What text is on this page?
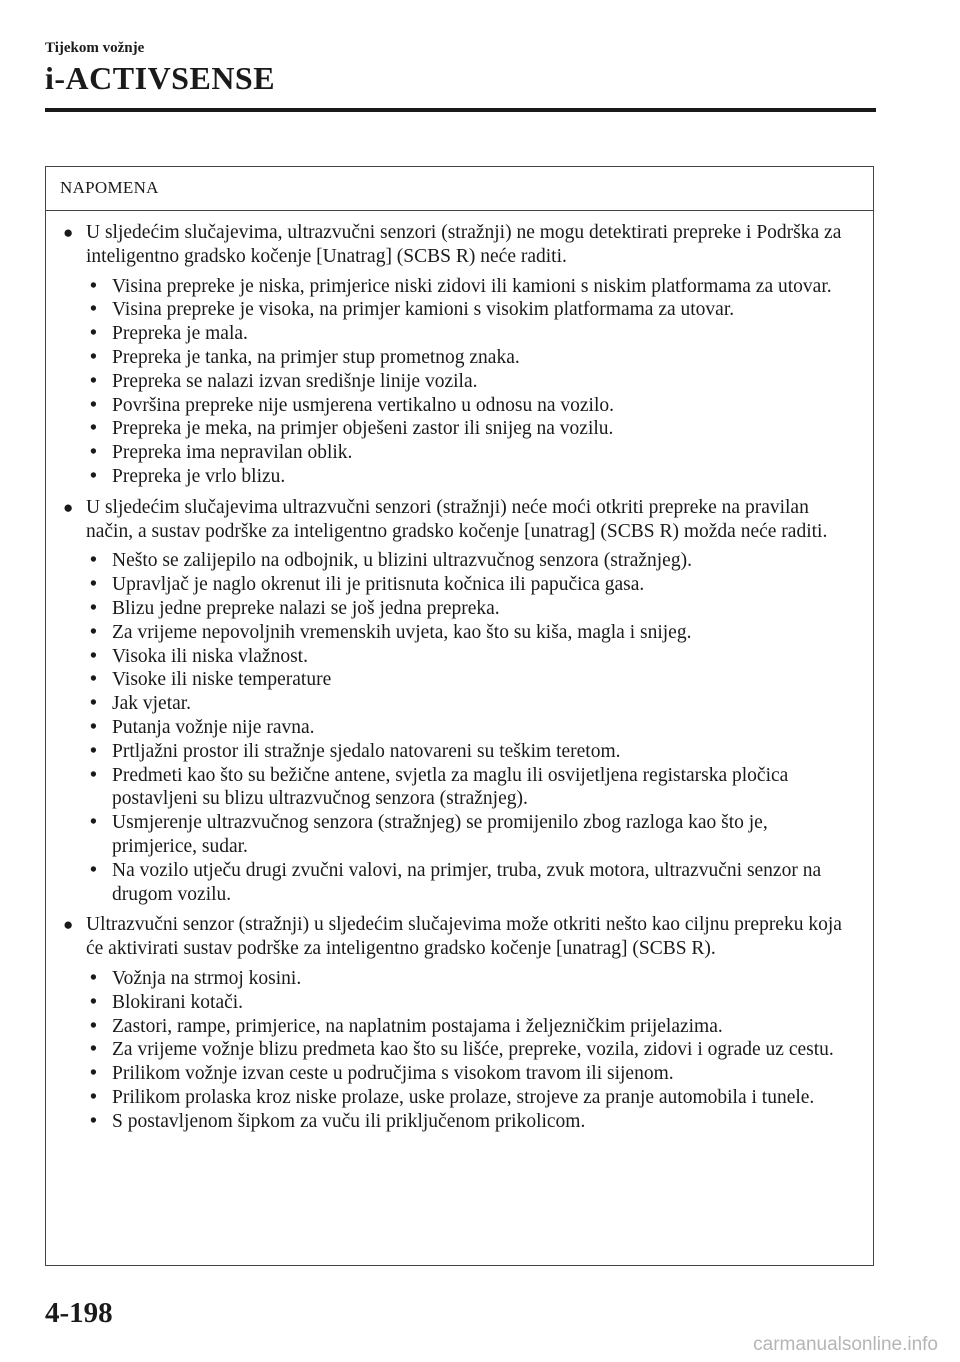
Tijekom vožnje
i-ACTIVSENSE
NAPOMENA
● U sljedećim slučajevima, ultrazvučni senzori (stražnji) ne mogu detektirati prepreke i Podrška za inteligentno gradsko kočenje [Unatrag] (SCBS R) neće raditi.
• Visina prepreke je niska, primjerice niski zidovi ili kamioni s niskim platformama za utovar.
• Visina prepreke je visoka, na primjer kamioni s visokim platformama za utovar.
• Prepreka je mala.
• Prepreka je tanka, na primjer stup prometnog znaka.
• Prepreka se nalazi izvan središnje linije vozila.
• Površina prepreke nije usmjerena vertikalno u odnosu na vozilo.
• Prepreka je meka, na primjer obješeni zastor ili snijeg na vozilu.
• Prepreka ima nepravilan oblik.
• Prepreka je vrlo blizu.
● U sljedećim slučajevima ultrazvučni senzori (stražnji) neće moći otkriti prepreke na pravilan način, a sustav podrške za inteligentno gradsko kočenje [unatrag] (SCBS R) možda neće raditi.
• Nešto se zalijepilo na odbojnik, u blizini ultrazvučnog senzora (stražnjeg).
• Upravljač je naglo okrenut ili je pritisnuta kočnica ili papučica gasa.
• Blizu jedne prepreke nalazi se još jedna prepreka.
• Za vrijeme nepovoljnih vremenskih uvjeta, kao što su kiša, magla i snijeg.
• Visoka ili niska vlažnost.
• Visoke ili niske temperature
• Jak vjetar.
• Putanja vožnje nije ravna.
• Prtljažni prostor ili stražnje sjedalo natovareni su teškim teretom.
• Predmeti kao što su bežične antene, svjetla za maglu ili osvijetljena registarska pločica postavljeni su blizu ultrazvučnog senzora (stražnjeg).
• Usmjerenje ultrazvučnog senzora (stražnjeg) se promijenilo zbog razloga kao što je, primjerice, sudar.
• Na vozilo utječu drugi zvučni valovi, na primjer, truba, zvuk motora, ultrazvučni senzor na drugom vozilu.
● Ultrazvučni senzor (stražnji) u sljedećim slučajevima može otkriti nešto kao ciljnu prepreku koja će aktivirati sustav podrške za inteligentno gradsko kočenje [unatrag] (SCBS R).
• Vožnja na strmoj kosini.
• Blokirani kotači.
• Zastori, rampe, primjerice, na naplatnim postajama i željezničkim prijelazima.
• Za vrijeme vožnje blizu predmeta kao što su lišće, prepreke, vozila, zidovi i ograde uz cestu.
• Prilikom vožnje izvan ceste u područjima s visokom travom ili sijenom.
• Prilikom prolaska kroz niske prolaze, uske prolaze, strojeve za pranje automobila i tunele.
• S postavljenom šipkom za vuču ili priključenom prikolicom.
4-198
carmanualsonline.info
